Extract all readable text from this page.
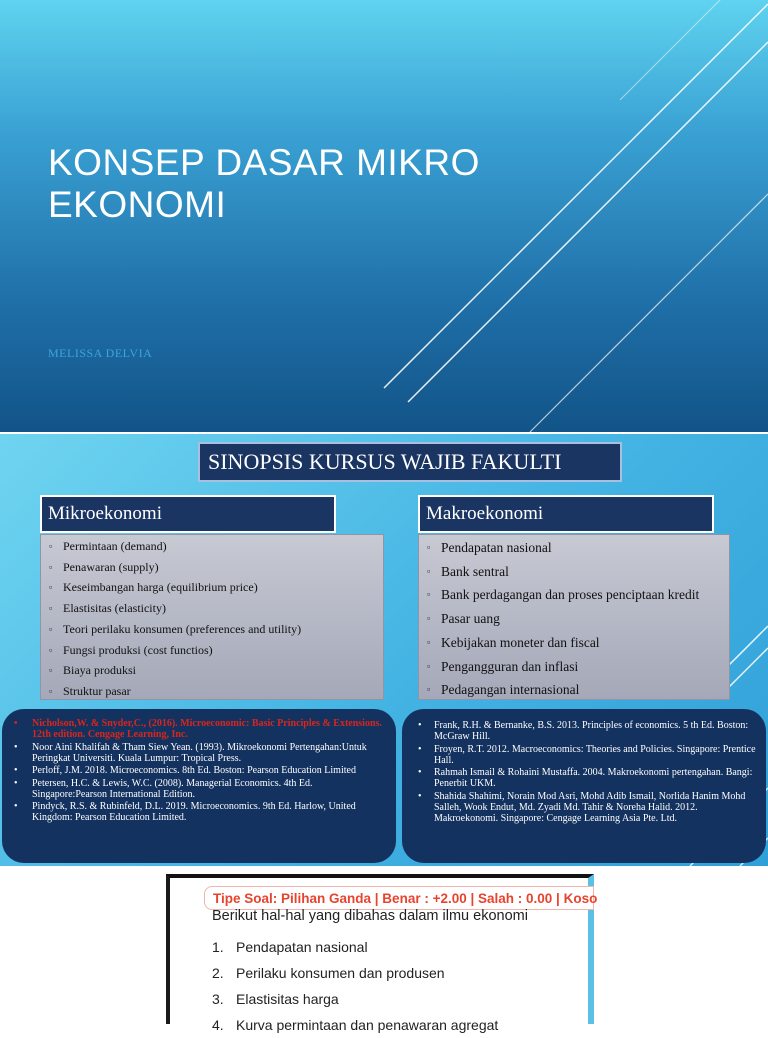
KONSEP DASAR MIKRO
EKONOMI
MELISSA DELVIA
SINOPSIS KURSUS WAJIB FAKULTI
Mikroekonomi	Makroekonomi
▫ Permintaan (demand)
▫ Penawaran (supply)
▫ Keseimbangan harga (equilibrium price)
▫ Elastisitas (elasticity)
▫ Teori perilaku konsumen (preferences and utility)
▫ Fungsi produksi (cost functios)
▫ Biaya produksi
▫ Struktur pasar
▫ Pendapatan nasional
▫ Bank sentral
▫ Bank perdagangan dan proses penciptaan kredit
▫ Pasar uang
▫ Kebijakan moneter dan fiscal
▫ Pengangguran dan inflasi
▫ Pedagangan internasional
• Nicholson,W. & Snyder,C., (2016). Microeconomic: Basic Principles & Extensions. 12th edition. Cengage Learning, Inc.
• Noor Aini Khalifah & Tham Siew Yean. (1993). Mikroekonomi Pertengahan:Untuk Peringkat Universiti. Kuala Lumpur: Tropical Press.
• Perloff, J.M. 2018. Microeconomics. 8th Ed. Boston: Pearson Education Limited
• Petersen, H.C. & Lewis, W.C. (2008). Managerial Economics. 4th Ed. Singapore:Pearson International Edition.
• Pindyck, R.S. & Rubinfeld, D.L. 2019. Microeconomics. 9th Ed. Harlow, United Kingdom: Pearson Education Limited.
• Frank, R.H. & Bernanke, B.S. 2013. Principles of economics. 5 th Ed. Boston: McGraw Hill.
• Froyen, R.T. 2012. Macroeconomics: Theories and Policies. Singapore: Prentice Hall.
• Rahmah Ismail & Rohaini Mustaffa. 2004. Makroekonomi pertengahan. Bangi: Penerbit UKM.
• Shahida Shahimi, Norain Mod Asri, Mohd Adib Ismail, Norlida Hanim Mohd Salleh, Wook Endut, Md. Zyadi Md. Tahir & Noreha Halid. 2012. Makroekonomi. Singapore: Cengage Learning Asia Pte. Ltd.
Tipe Soal: Pilihan Ganda | Benar : +2.00 | Salah : 0.00 | Koso
Berikut hal-hal yang dibahas dalam ilmu ekonomi
1. Pendapatan nasional
2. Perilaku konsumen dan produsen
3. Elastisitas harga
4. Kurva permintaan dan penawaran agregat
